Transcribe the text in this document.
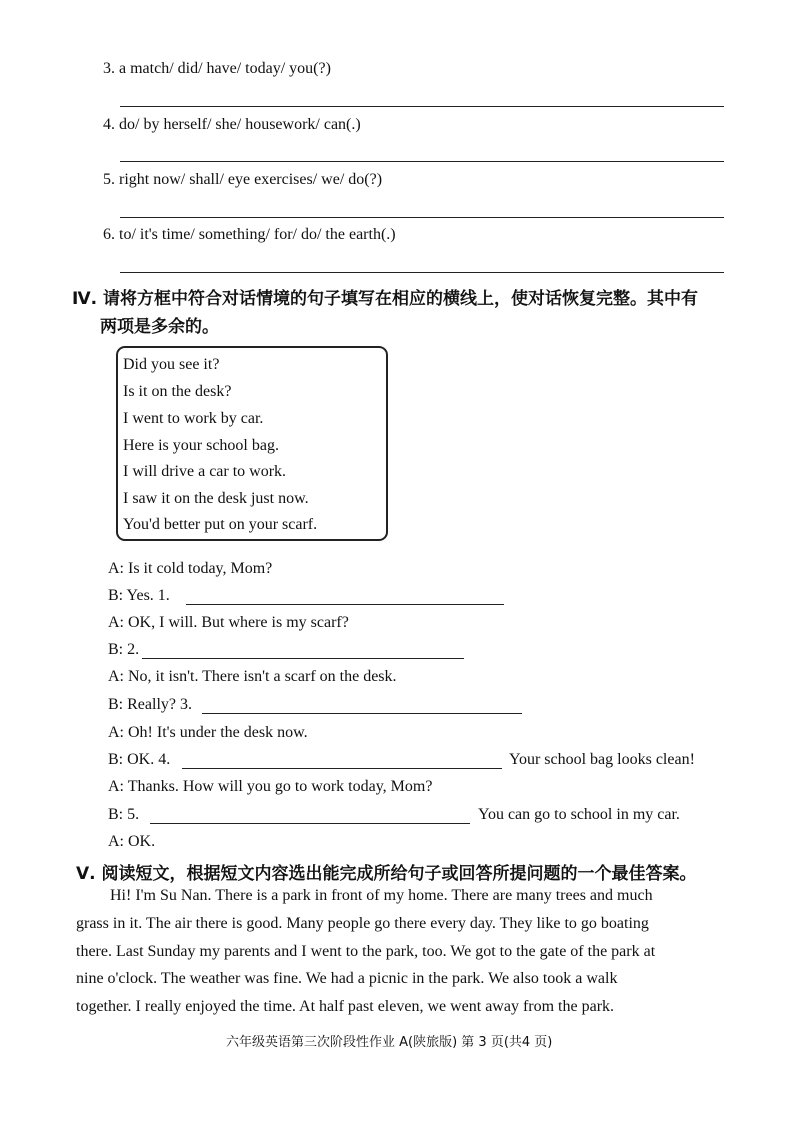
3. a match/ did/ have/ today/ you(?)
4. do/ by herself/ she/ housework/ can(.)
5. right now/ shall/ eye exercises/ we/ do(?)
6. to/ it's time/ something/ for/ do/ the earth(.)
Ⅳ. 请将方框中符合对话情境的句子填写在相应的横线上，使对话恢复完整。其中有
两项是多余的。
Did you see it?
Is it on the desk?
I went to work by car.
Here is your school bag.
I will drive a car to work.
I saw it on the desk just now.
You'd better put on your scarf.
A: Is it cold today, Mom?
B: Yes. 1.
A: OK, I will. But where is my scarf?
B: 2.
A: No, it isn't. There isn't a scarf on the desk.
B: Really? 3.
A: Oh! It's under the desk now.
B: OK. 4.	Your school bag looks clean!
A: Thanks. How will you go to work today, Mom?
B: 5.	You can go to school in my car.
A: OK.
Ⅴ. 阅读短文，根据短文内容选出能完成所给句子或回答所提问题的一个最佳答案。
Hi! I'm Su Nan. There is a park in front of my home. There are many trees and much
grass in it. The air there is good. Many people go there every day. They like to go boating
there. Last Sunday my parents and I went to the park, too. We got to the gate of the park at
nine o'clock. The weather was fine. We had a picnic in the park. We also took a walk
together. I really enjoyed the time. At half past eleven, we went away from the park.
六年级英语第三次阶段性作业 A(陕旅版) 第 3 页(共4 页)
